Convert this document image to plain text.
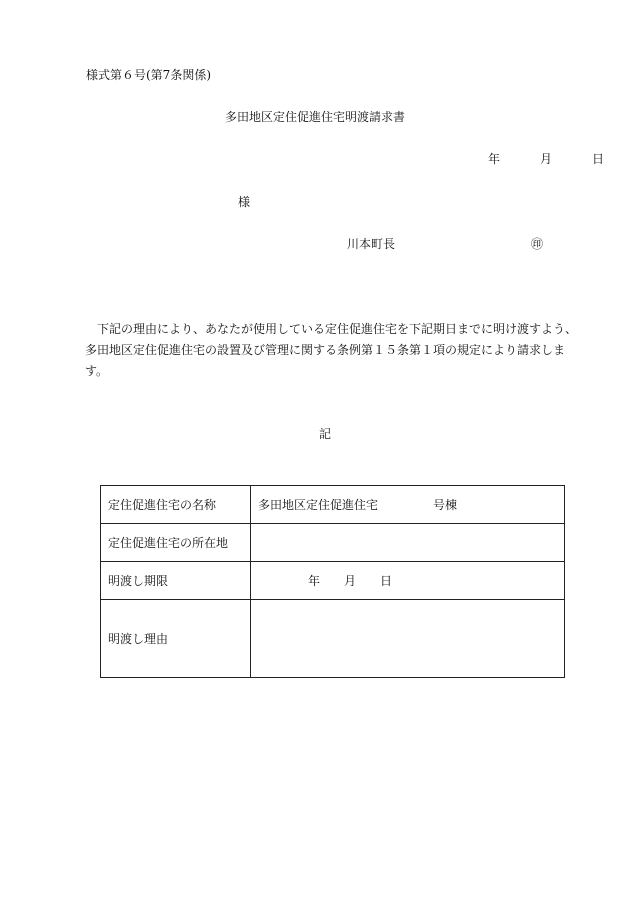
様式第６号(第7条関係)
多田地区定住促進住宅明渡請求書
年	月	日
様
川本町長	㊞

下記の理由により、あなたが使用している定住促進住宅を下記期日までに明け渡すよう、多田地区定住促進住宅の設置及び管理に関する条例第１５条第１項の規定により請求します。

記
定住促進住宅の名称	多田地区定住促進住宅 号棟
定住促進住宅の所在地	
明渡し期限	年 月 日
明渡し理由	
